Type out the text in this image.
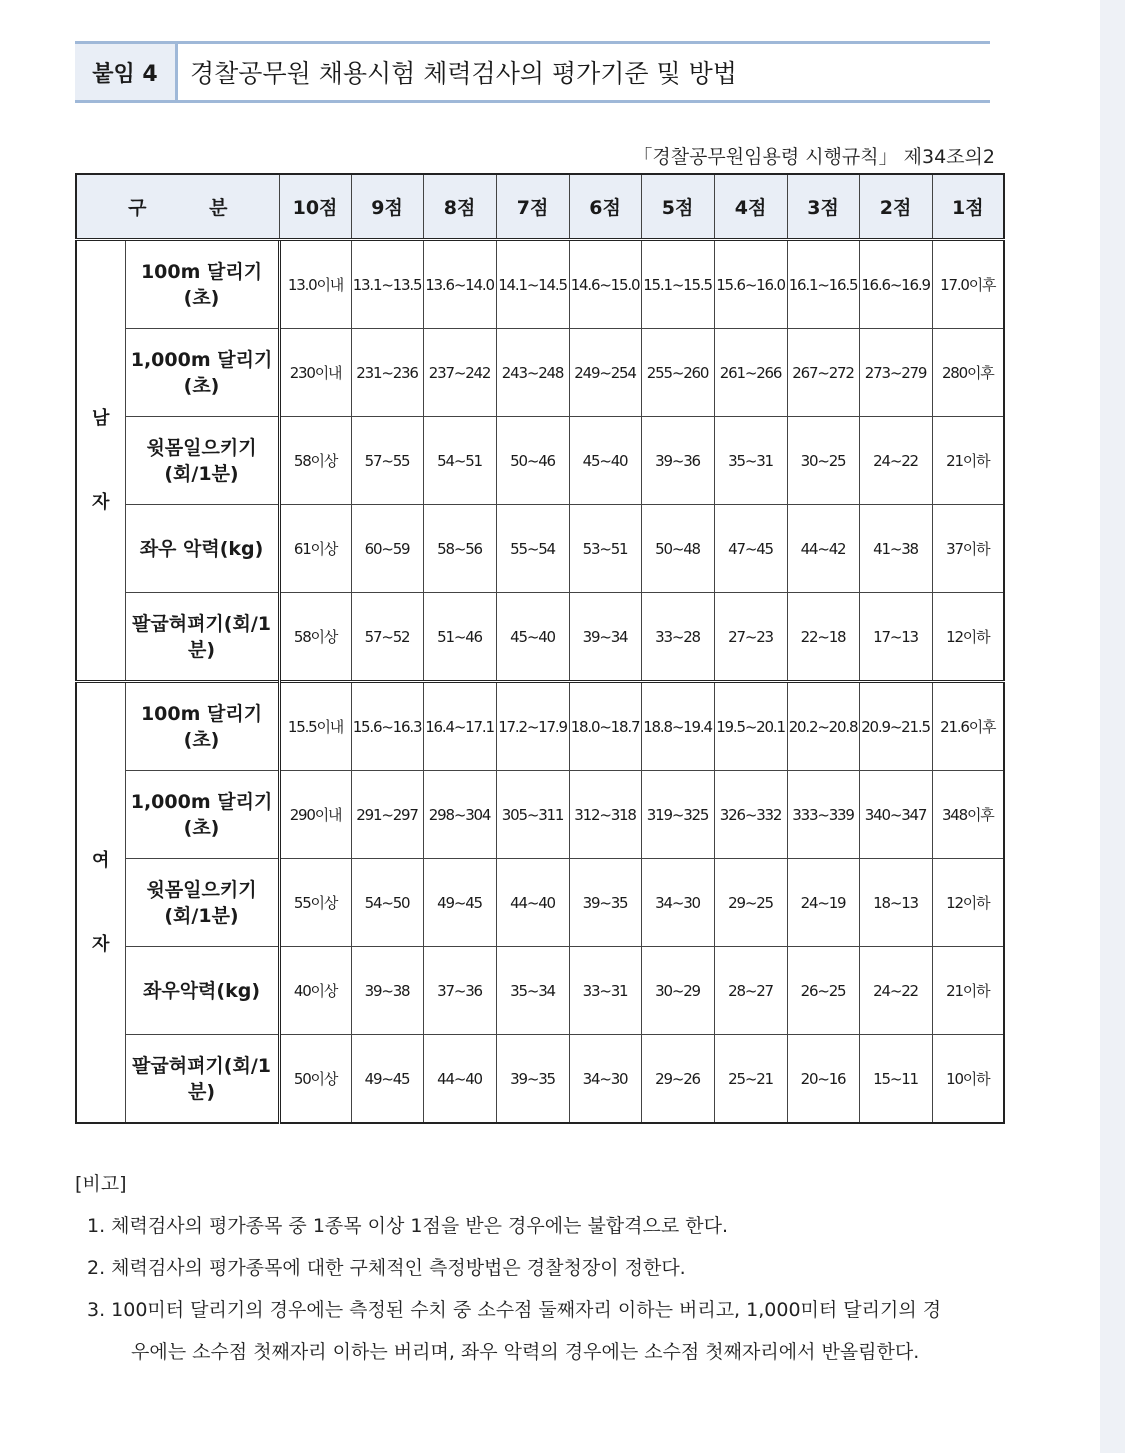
붙임 4	경찰공무원 채용시험 체력검사의 평가기준 및 방법
「경찰공무원임용령 시행규칙」 제34조의2
구 분		10점	9점	8점	7점	6점	5점	4점	3점	2점	1점
남

자	100m 달리기(초)	13.0이내	13.1~13.5	13.6~14.0	14.1~14.5	14.6~15.0	15.1~15.5	15.6~16.0	16.1~16.5	16.6~16.9	17.0이후
	1,000m 달리기(초)	230이내	231~236	237~242	243~248	249~254	255~260	261~266	267~272	273~279	280이후
	윗몸일으키기(회/1분)	58이상	57~55	54~51	50~46	45~40	39~36	35~31	30~25	24~22	21이하
	좌우 악력(kg)	61이상	60~59	58~56	55~54	53~51	50~48	47~45	44~42	41~38	37이하
	팔굽혀펴기(회/1분)	58이상	57~52	51~46	45~40	39~34	33~28	27~23	22~18	17~13	12이하
여

자	100m 달리기(초)	15.5이내	15.6~16.3	16.4~17.1	17.2~17.9	18.0~18.7	18.8~19.4	19.5~20.1	20.2~20.8	20.9~21.5	21.6이후
	1,000m 달리기(초)	290이내	291~297	298~304	305~311	312~318	319~325	326~332	333~339	340~347	348이후
	윗몸일으키기(회/1분)	55이상	54~50	49~45	44~40	39~35	34~30	29~25	24~19	18~13	12이하
	좌우악력(kg)	40이상	39~38	37~36	35~34	33~31	30~29	28~27	26~25	24~22	21이하
	팔굽혀펴기(회/1분)	50이상	49~45	44~40	39~35	34~30	29~26	25~21	20~16	15~11	10이하
[비고]
1. 체력검사의 평가종목 중 1종목 이상 1점을 받은 경우에는 불합격으로 한다.
2. 체력검사의 평가종목에 대한 구체적인 측정방법은 경찰청장이 정한다.
3. 100미터 달리기의 경우에는 측정된 수치 중 소수점 둘째자리 이하는 버리고, 1,000미터 달리기의 경
우에는 소수점 첫째자리 이하는 버리며, 좌우 악력의 경우에는 소수점 첫째자리에서 반올림한다.
